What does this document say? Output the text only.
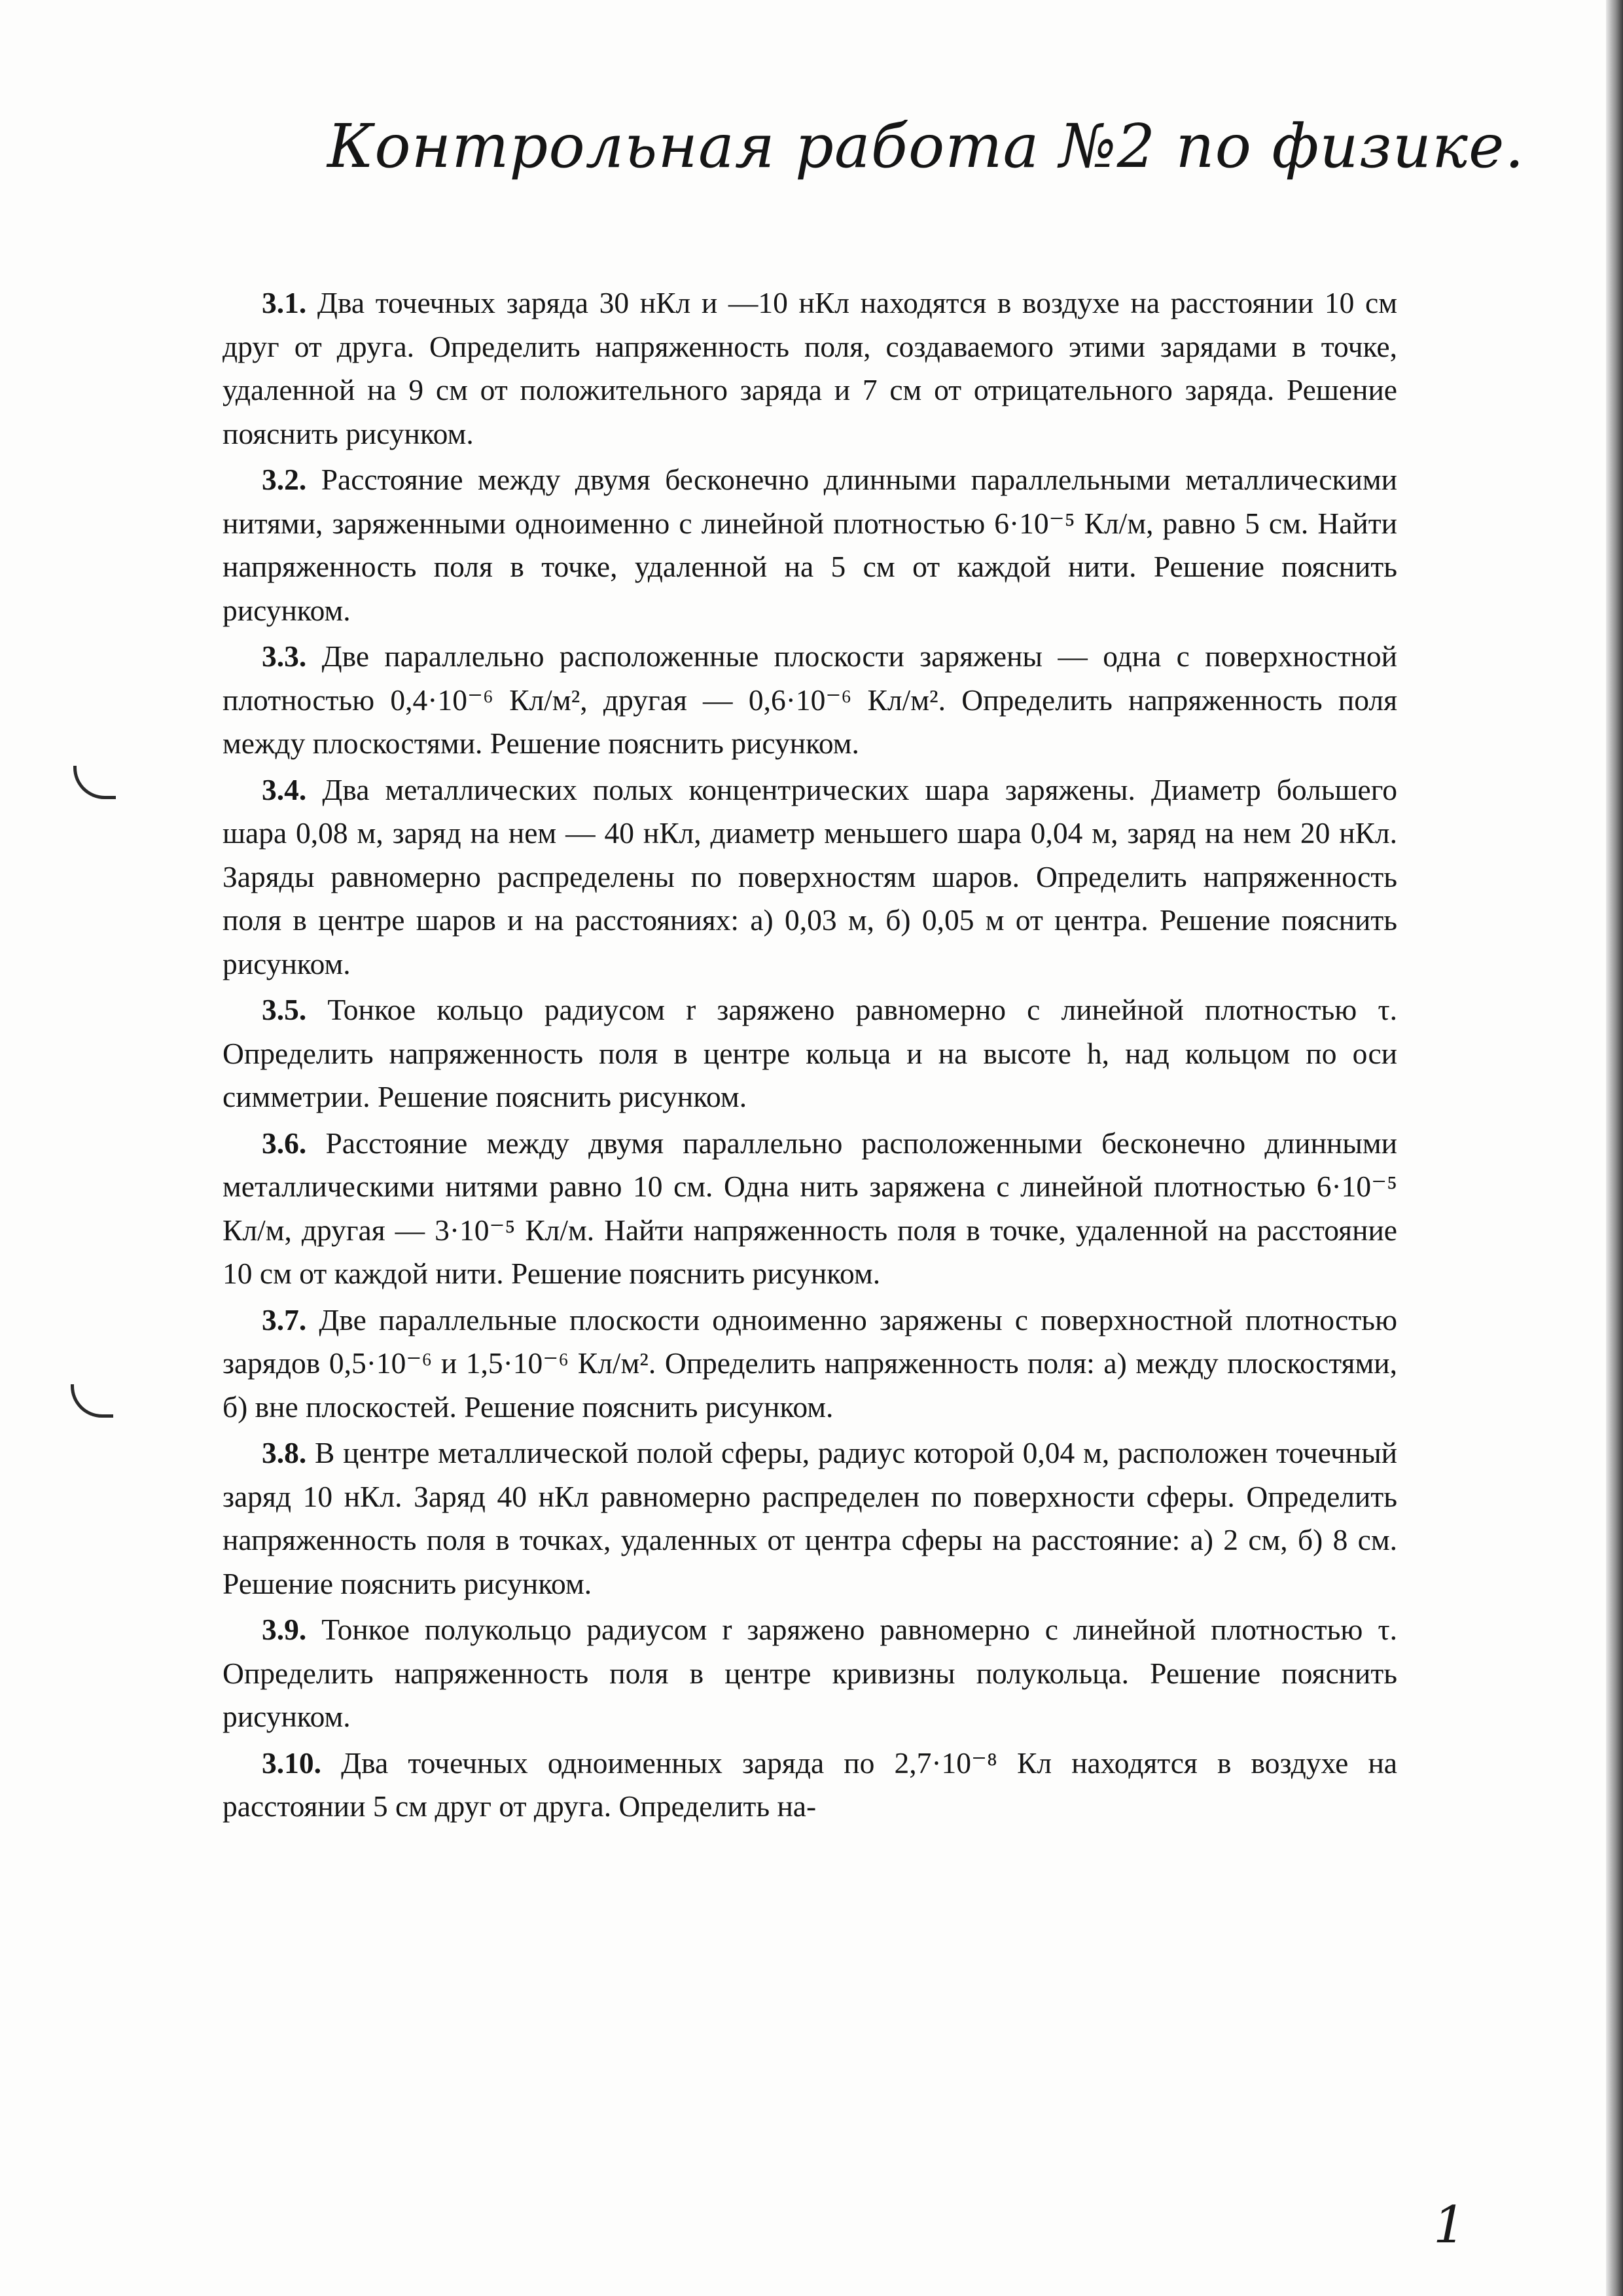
Контрольная работа №2 по физике.

3.1. Два точечных заряда 30 нКл и —10 нКл находятся в воздухе на расстоянии 10 см друг от друга. Определить напряженность поля, создаваемого этими зарядами в точке, удаленной на 9 см от положительного заряда и 7 см от отрицательного заряда. Решение пояснить рисунком.

3.2. Расстояние между двумя бесконечно длинными параллельными металлическими нитями, заряженными одноименно с линейной плотностью 6·10⁻⁵ Кл/м, равно 5 см. Найти напряженность поля в точке, удаленной на 5 см от каждой нити. Решение пояснить рисунком.

3.3. Две параллельно расположенные плоскости заряжены — одна с поверхностной плотностью 0,4·10⁻⁶ Кл/м², другая — 0,6·10⁻⁶ Кл/м². Определить напряженность поля между плоскостями. Решение пояснить рисунком.

3.4. Два металлических полых концентрических шара заряжены. Диаметр большего шара 0,08 м, заряд на нем — 40 нКл, диаметр меньшего шара 0,04 м, заряд на нем 20 нКл. Заряды равномерно распределены по поверхностям шаров. Определить напряженность поля в центре шаров и на расстояниях: а) 0,03 м, б) 0,05 м от центра. Решение пояснить рисунком.

3.5. Тонкое кольцо радиусом r заряжено равномерно с линейной плотностью τ. Определить напряженность поля в центре кольца и на высоте h, над кольцом по оси симметрии. Решение пояснить рисунком.

3.6. Расстояние между двумя параллельно расположенными бесконечно длинными металлическими нитями равно 10 см. Одна нить заряжена с линейной плотностью 6·10⁻⁵ Кл/м, другая — 3·10⁻⁵ Кл/м. Найти напряженность поля в точке, удаленной на расстояние 10 см от каждой нити. Решение пояснить рисунком.

3.7. Две параллельные плоскости одноименно заряжены с поверхностной плотностью зарядов 0,5·10⁻⁶ и 1,5·10⁻⁶ Кл/м². Определить напряженность поля: а) между плоскостями, б) вне плоскостей. Решение пояснить рисунком.

3.8. В центре металлической полой сферы, радиус которой 0,04 м, расположен точечный заряд 10 нКл. Заряд 40 нКл равномерно распределен по поверхности сферы. Определить напряженность поля в точках, удаленных от центра сферы на расстояние: а) 2 см, б) 8 см. Решение пояснить рисунком.

3.9. Тонкое полукольцо радиусом r заряжено равномерно с линейной плотностью τ. Определить напряженность поля в центре кривизны полукольца. Решение пояснить рисунком.

3.10. Два точечных одноименных заряда по 2,7·10⁻⁸ Кл находятся в воздухе на расстоянии 5 см друг от друга. Определить на-

1
